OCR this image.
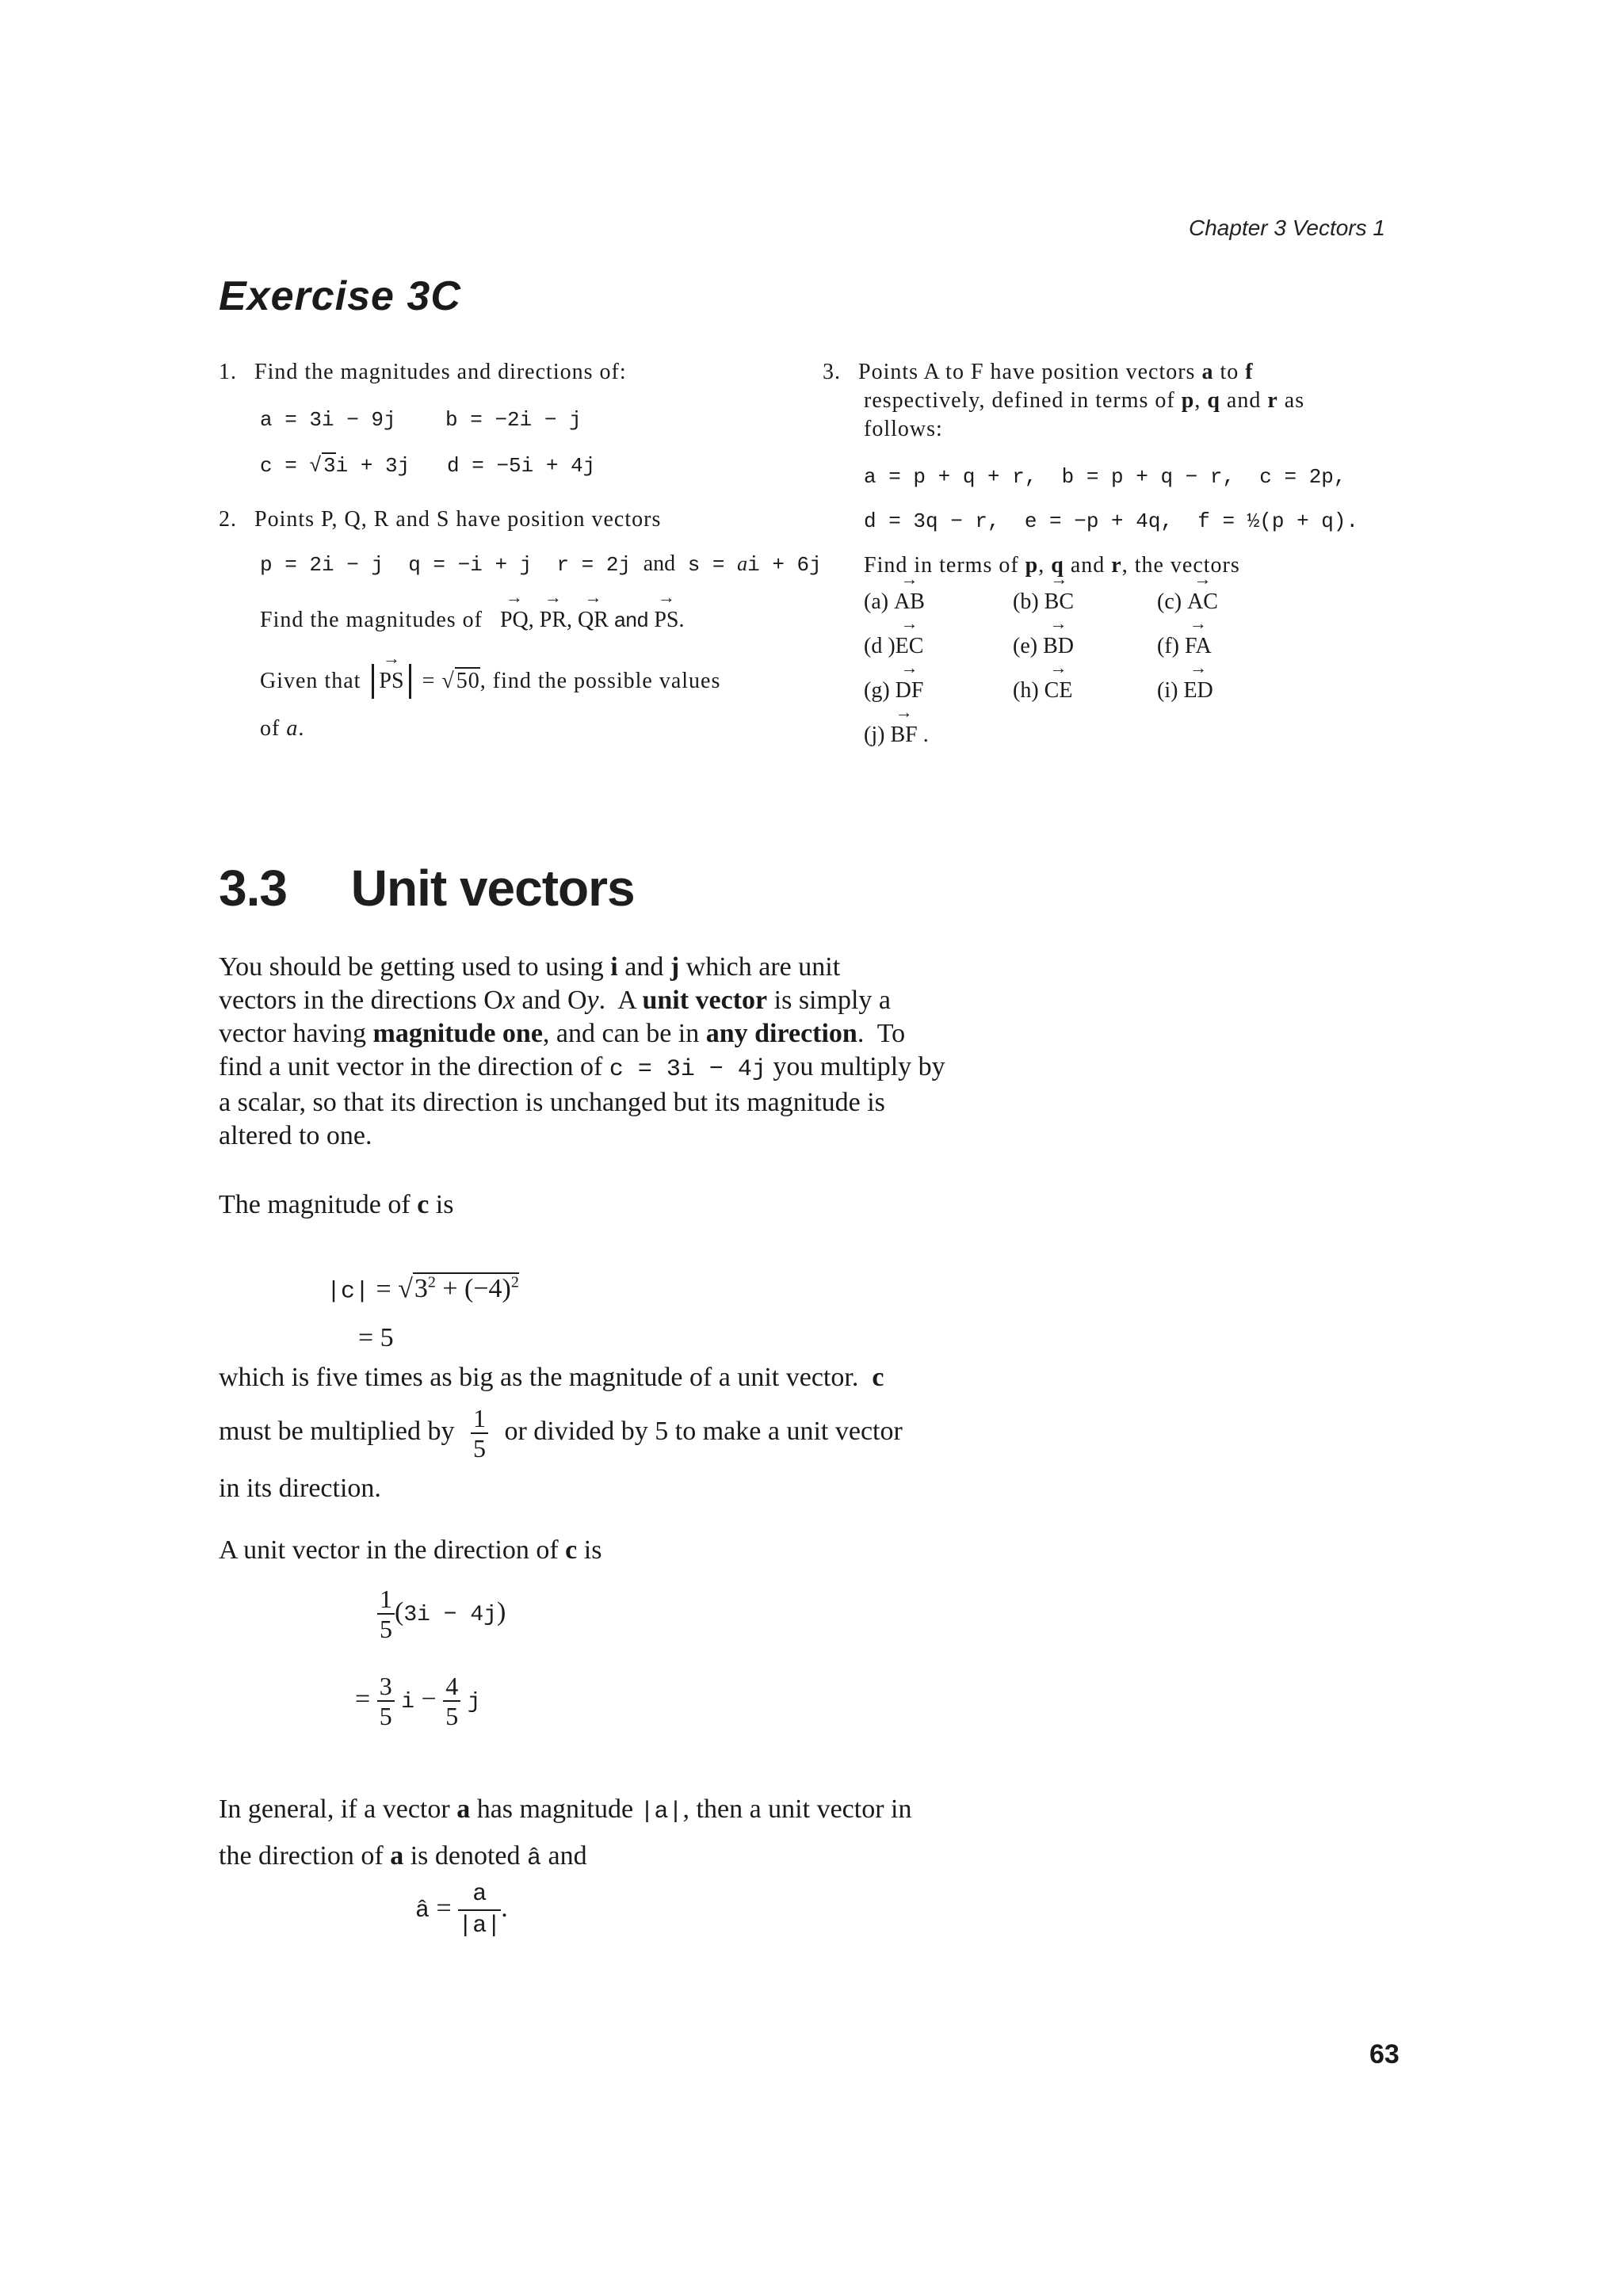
Chapter 3 Vectors 1
Exercise 3C
1. Find the magnitudes and directions of:
a = 3i − 9j    b = −2i − j
c = √3i + 3j   d = −5i + 4j
2. Points P, Q, R and S have position vectors
p = 2i − j  q = −i + j  r = 2j and s = ai + 6j
Find the magnitudes of → PQ, → PR, → QR and → PS.
Given that → PS = √50, find the possible values
of a.
3. Points A to F have position vectors a to f
respectively, defined in terms of p, q and r as
follows:
a = p + q + r,  b = p + q − r,  c = 2p,
d = 3q − r,  e = −p + 4q,  f = ½(p + q).
Find in terms of p, q and r, the vectors
(a) → AB	(b) → BC	(c) → AC
(d )→ EC	(e) → BD	(f) → FA
(g) → DF	(h) → CE	(i) → ED
(j) → BF .
3.3 Unit vectors
You should be getting used to using i and j which are unit
vectors in the directions Ox and Oy.  A unit vector is simply a
vector having magnitude one, and can be in any direction.  To
find a unit vector in the direction of c = 3i − 4j you multiply by
a scalar, so that its direction is unchanged but its magnitude is
altered to one.
The magnitude of c is
$|c| = √3^2 + (-4)^2$
= 5
which is five times as big as the magnitude of a unit vector.  c
must be multiplied by $\frac{1}{5}$ or divided by 5 to make a unit vector
in its direction.
A unit vector in the direction of c is
$\frac{1}{5} (3i - 4j)$
= $\frac{3}{5}$ $i - \frac{4}{5}$ j
In general, if a vector a has magnitude |a|, then a unit vector in
the direction of a is denoted â and
â = $\frac{a}{|a|}$ .
63
